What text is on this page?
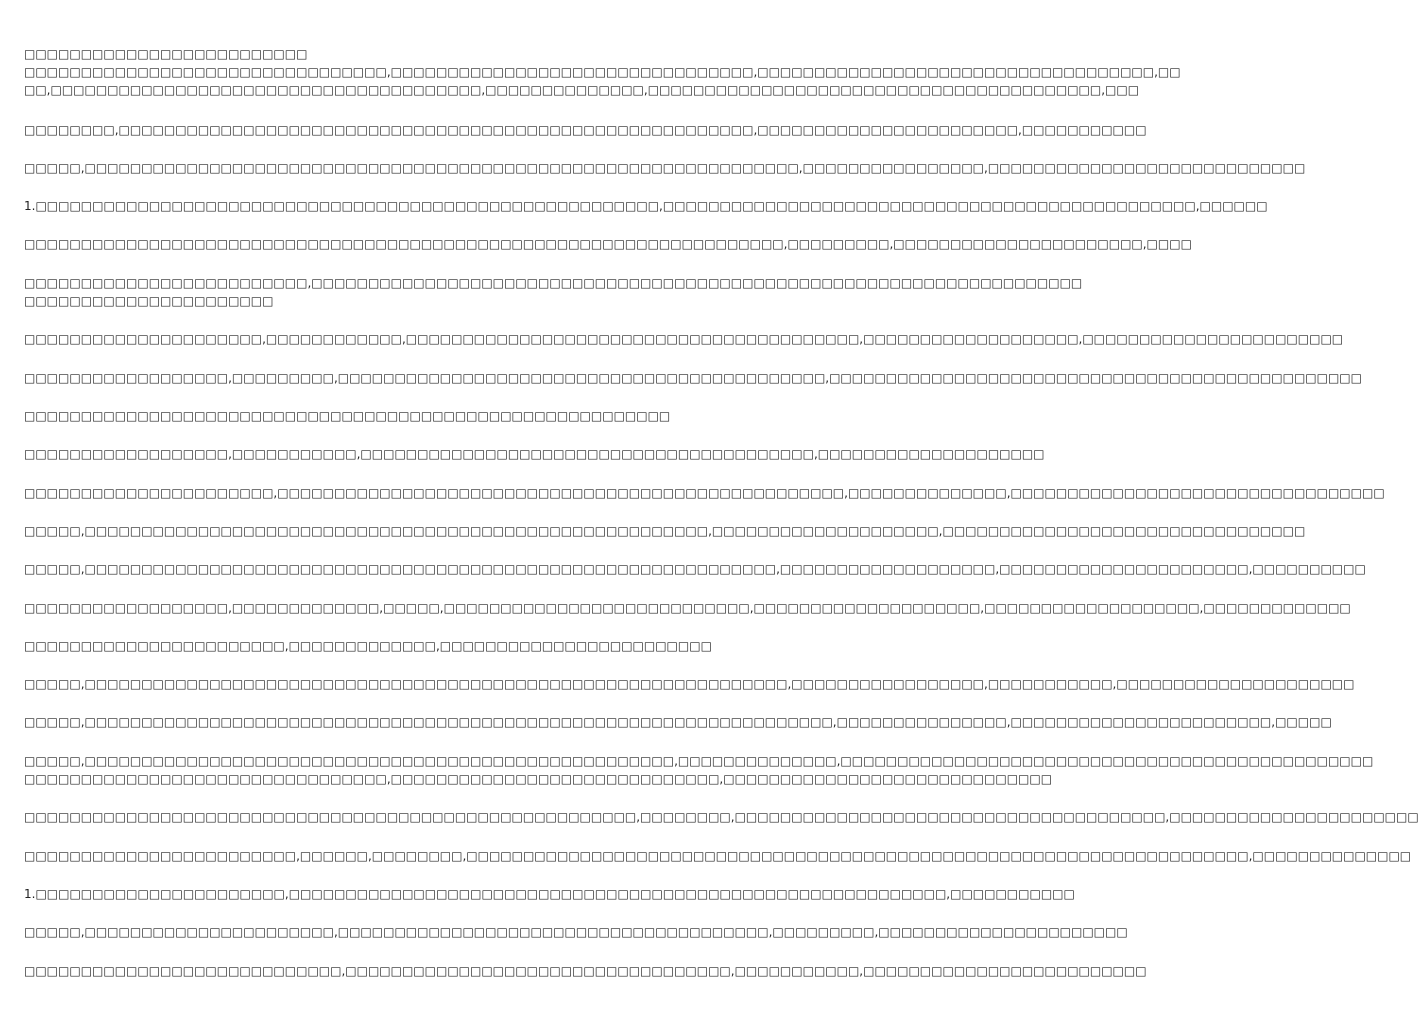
□□□□□□□□□□□□□□□□□□□□□□□□□
□□□□□□□□□□□□□□□□□□□□□□□□□□□□□□□□,□□□□□□□□□□□□□□□□□□□□□□□□□□□□□□□□,□□□□□□□□□□□□□□□□□□□□□□□□□□□□□□□□□□□,□□
□□,□□□□□□□□□□□□□□□□□□□□□□□□□□□□□□□□□□□□□□,□□□□□□□□□□□□□□,□□□□□□□□□□□□□□□□□□□□□□□□□□□□□□□□□□□□□□□□,□□□
□□□□□□□□,□□□□□□□□□□□□□□□□□□□□□□□□□□□□□□□□□□□□□□□□□□□□□□□□□□□□□□□□,□□□□□□□□□□□□□□□□□□□□□□□,□□□□□□□□□□□
□□□□□,□□□□□□□□□□□□□□□□□□□□□□□□□□□□□□□□□□□□□□□□□□□□□□□□□□□□□□□□□□□□□□□,□□□□□□□□□□□□□□□□,□□□□□□□□□□□□□□□□□□□□□□□□□□□□
1.□□□□□□□□□□□□□□□□□□□□□□□□□□□□□□□□□□□□□□□□□□□□□□□□□□□□□□□,□□□□□□□□□□□□□□□□□□□□□□□□□□□□□□□□□□□□□□□□□□□□□□□,□□□□□□
□□□□□□□□□□□□□□□□□□□□□□□□□□□□□□□□□□□□□□□□□□□□□□□□□□□□□□□□□□□□□□□□□□□,□□□□□□□□□,□□□□□□□□□□□□□□□□□□□□□□,□□□□
□□□□□□□□□□□□□□□□□□□□□□□□□,□□□□□□□□□□□□□□□□□□□□□□□□□□□□□□□□□□□□□□□□□□□□□□□□□□□□□□□□□□□□□□□□□□□□
□□□□□□□□□□□□□□□□□□□□□□
□□□□□□□□□□□□□□□□□□□□□,□□□□□□□□□□□□,□□□□□□□□□□□□□□□□□□□□□□□□□□□□□□□□□□□□□□□□,□□□□□□□□□□□□□□□□□□□,□□□□□□□□□□□□□□□□□□□□□□□
□□□□□□□□□□□□□□□□□□,□□□□□□□□□,□□□□□□□□□□□□□□□□□□□□□□□□□□□□□□□□□□□□□□□□□□□,□□□□□□□□□□□□□□□□□□□□□□□□□□□□□□□□□□□□□□□□□□□□□□□
□□□□□□□□□□□□□□□□□□□□□□□□□□□□□□□□□□□□□□□□□□□□□□□□□□□□□□□□□
□□□□□□□□□□□□□□□□□□,□□□□□□□□□□□,□□□□□□□□□□□□□□□□□□□□□□□□□□□□□□□□□□□□□□□□,□□□□□□□□□□□□□□□□□□□□
□□□□□□□□□□□□□□□□□□□□□□,□□□□□□□□□□□□□□□□□□□□□□□□□□□□□□□□□□□□□□□□□□□□□□□□□□,□□□□□□□□□□□□□□,□□□□□□□□□□□□□□□□□□□□□□□□□□□□□□□□□
□□□□□,□□□□□□□□□□□□□□□□□□□□□□□□□□□□□□□□□□□□□□□□□□□□□□□□□□□□□□□,□□□□□□□□□□□□□□□□□□□□,□□□□□□□□□□□□□□□□□□□□□□□□□□□□□□□□
□□□□□,□□□□□□□□□□□□□□□□□□□□□□□□□□□□□□□□□□□□□□□□□□□□□□□□□□□□□□□□□□□□□,□□□□□□□□□□□□□□□□□□□,□□□□□□□□□□□□□□□□□□□□□□,□□□□□□□□□□
□□□□□□□□□□□□□□□□□□,□□□□□□□□□□□□□,□□□□□,□□□□□□□□□□□□□□□□□□□□□□□□□□□,□□□□□□□□□□□□□□□□□□□□,□□□□□□□□□□□□□□□□□□□,□□□□□□□□□□□□□
□□□□□□□□□□□□□□□□□□□□□□□,□□□□□□□□□□□□□,□□□□□□□□□□□□□□□□□□□□□□□□
□□□□□,□□□□□□□□□□□□□□□□□□□□□□□□□□□□□□□□□□□□□□□□□□□□□□□□□□□□□□□□□□□□□□,□□□□□□□□□□□□□□□□□,□□□□□□□□□□□,□□□□□□□□□□□□□□□□□□□□□
□□□□□,□□□□□□□□□□□□□□□□□□□□□□□□□□□□□□□□□□□□□□□□□□□□□□□□□□□□□□□□□□□□□□□□□□,□□□□□□□□□□□□□□□,□□□□□□□□□□□□□□□□□□□□□□□,□□□□□
□□□□□,□□□□□□□□□□□□□□□□□□□□□□□□□□□□□□□□□□□□□□□□□□□□□□□□□□□□,□□□□□□□□□□□□□□,□□□□□□□□□□□□□□□□□□□□□□□□□□□□□□□□□□□□□□□□□□□□□□□
□□□□□□□□□□□□□□□□□□□□□□□□□□□□□□□□,□□□□□□□□□□□□□□□□□□□□□□□□□□□□□,□□□□□□□□□□□□□□□□□□□□□□□□□□□□□
□□□□□□□□□□□□□□□□□□□□□□□□□□□□□□□□□□□□□□□□□□□□□□□□□□□□□□,□□□□□□□□,□□□□□□□□□□□□□□□□□□□□□□□□□□□□□□□□□□□□□□,□□□□□□□□□□□□□□□□□□□□□□
□□□□□□□□□□□□□□□□□□□□□□□□,□□□□□□,□□□□□□□□,□□□□□□□□□□□□□□□□□□□□□□□□□□□□□□□□□□□□□□□□□□□□□□□□□□□□□□□□□□□□□□□□□□□□□,□□□□□□□□□□□□□□
1.□□□□□□□□□□□□□□□□□□□□□□,□□□□□□□□□□□□□□□□□□□□□□□□□□□□□□□□□□□□□□□□□□□□□□□□□□□□□□□□□□,□□□□□□□□□□□
□□□□□,□□□□□□□□□□□□□□□□□□□□□□,□□□□□□□□□□□□□□□□□□□□□□□□□□□□□□□□□□□□□□,□□□□□□□□□,□□□□□□□□□□□□□□□□□□□□□□
□□□□□□□□□□□□□□□□□□□□□□□□□□□□,□□□□□□□□□□□□□□□□□□□□□□□□□□□□□□□□□□,□□□□□□□□□□□,□□□□□□□□□□□□□□□□□□□□□□□□□
